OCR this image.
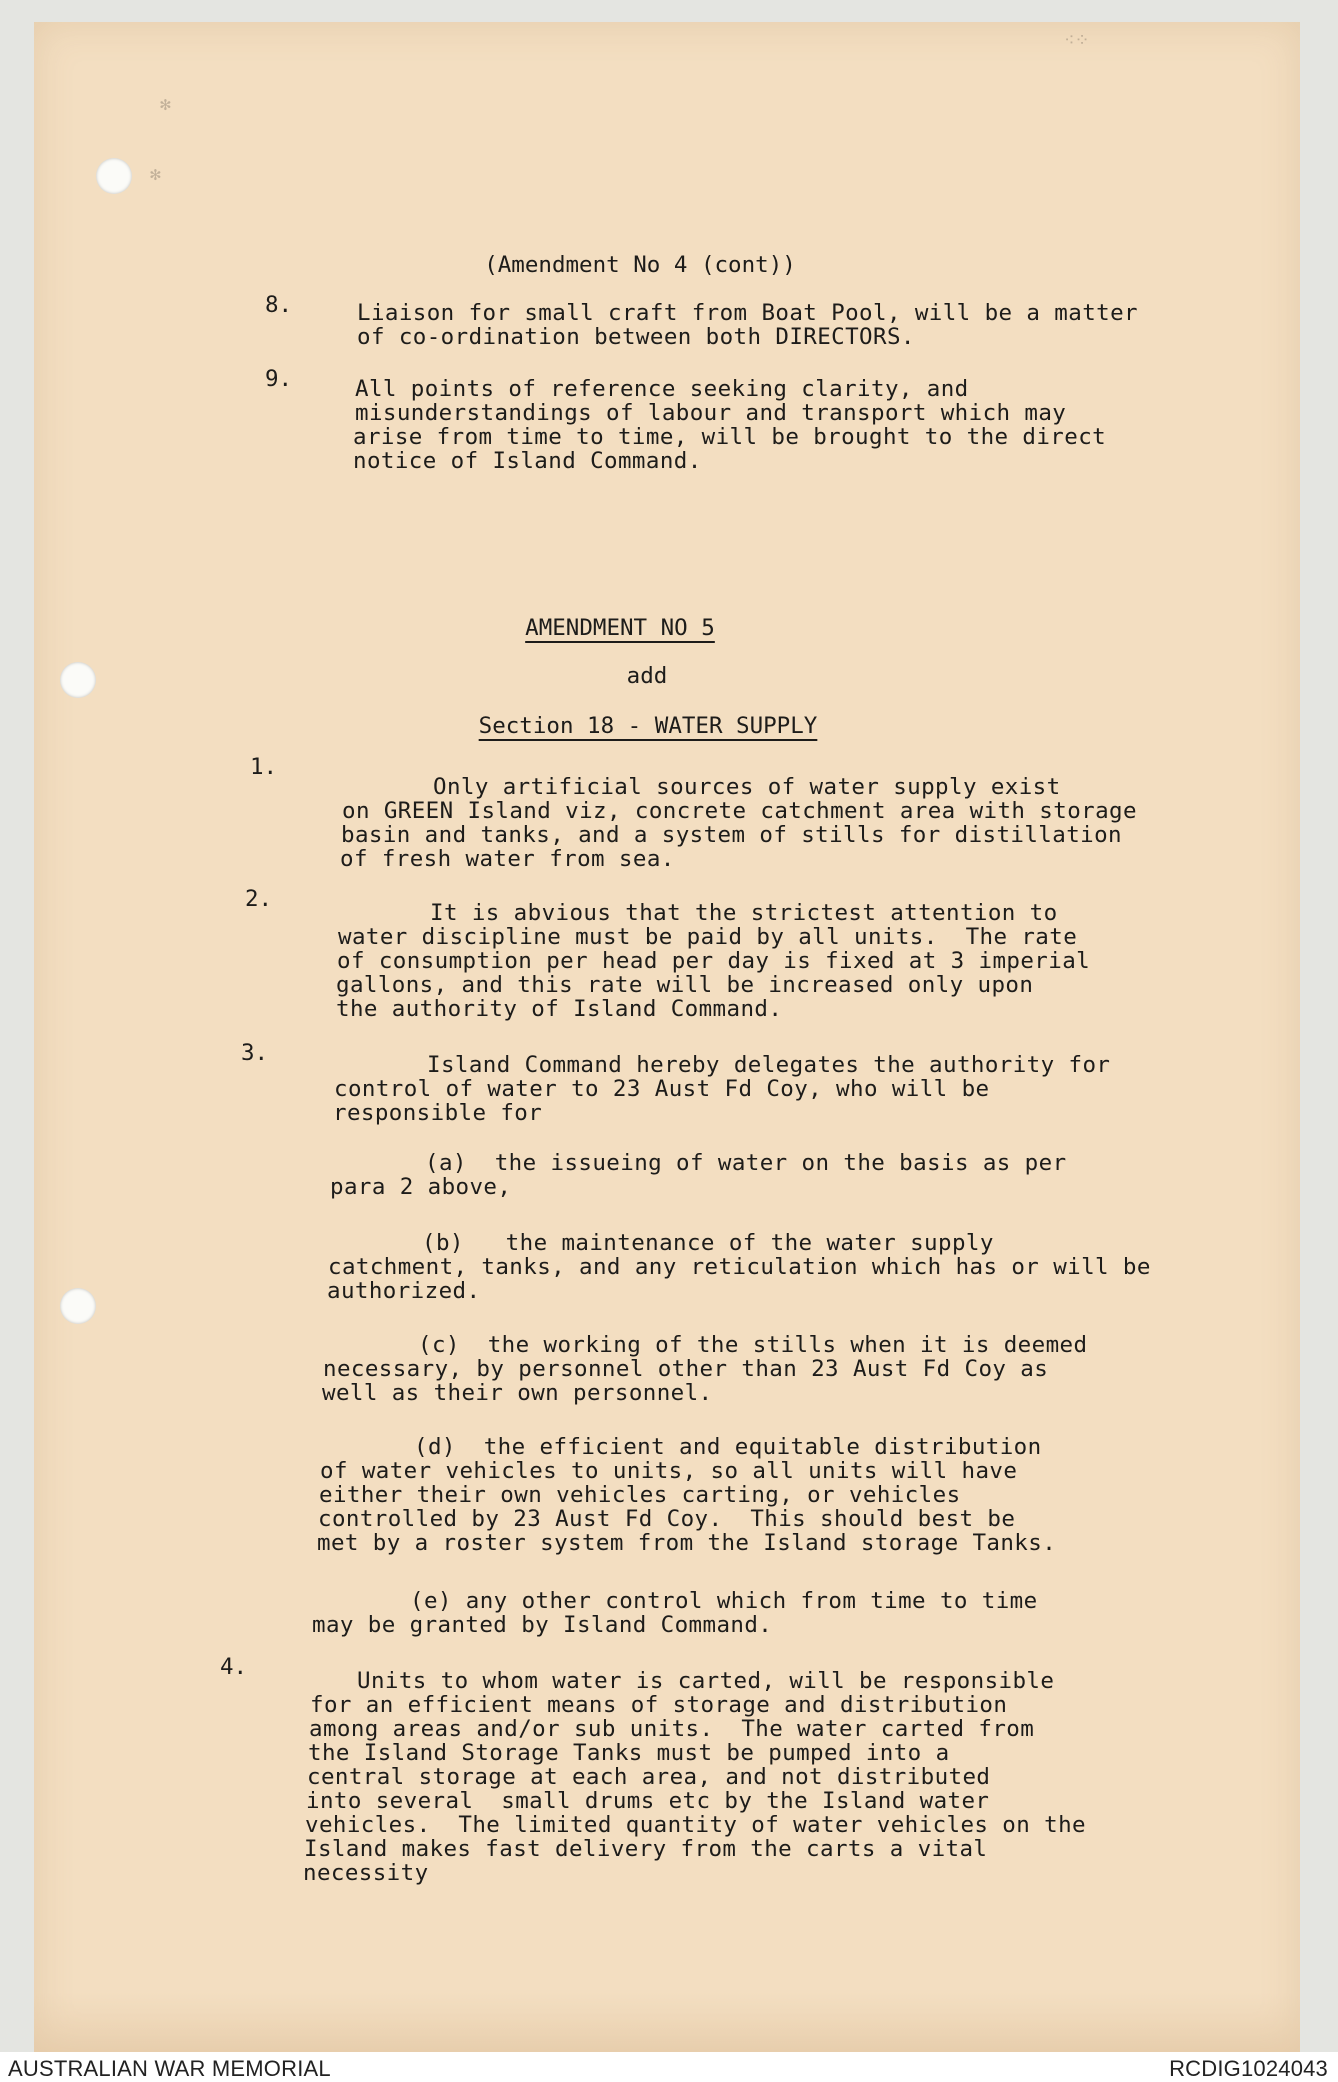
⁖⁘
✻
✻
(Amendment No 4 (cont))
8.	Liaison for small craft from Boat Pool, will be a matter
of co-ordination between both DIRECTORS.
9.	All points of reference seeking clarity, and
misunderstandings of labour and transport which may
arise from time to time, will be brought to the direct
notice of Island Command.
AMENDMENT NO 5
add
Section 18 - WATER SUPPLY
1.
Only artificial sources of water supply exist
on GREEN Island viz, concrete catchment area with storage
basin and tanks, and a system of stills for distillation
of fresh water from sea.
2.
It is abvious that the strictest attention to
water discipline must be paid by all units.  The rate
of consumption per head per day is fixed at 3 imperial
gallons, and this rate will be increased only upon
the authority of Island Command.
3.	Island Command hereby delegates the authority for
control of water to 23 Aust Fd Coy, who will be
responsible for
(a)  the issueing of water on the basis as per
para 2 above,
(b)   the maintenance of the water supply
catchment, tanks, and any reticulation which has or will be
authorized.
(c)  the working of the stills when it is deemed
necessary, by personnel other than 23 Aust Fd Coy as
well as their own personnel.
(d)  the efficient and equitable distribution
of water vehicles to units, so all units will have
either their own vehicles carting, or vehicles
controlled by 23 Aust Fd Coy.  This should best be
met by a roster system from the Island storage Tanks.
(e) any other control which from time to time
may be granted by Island Command.
4.
Units to whom water is carted, will be responsible
for an efficient means of storage and distribution
among areas and/or sub units.  The water carted from
the Island Storage Tanks must be pumped into a
central storage at each area, and not distributed
into several  small drums etc by the Island water
vehicles.  The limited quantity of water vehicles on the
Island makes fast delivery from the carts a vital
necessity
AUSTRALIAN WAR MEMORIAL	RCDIG1024043
